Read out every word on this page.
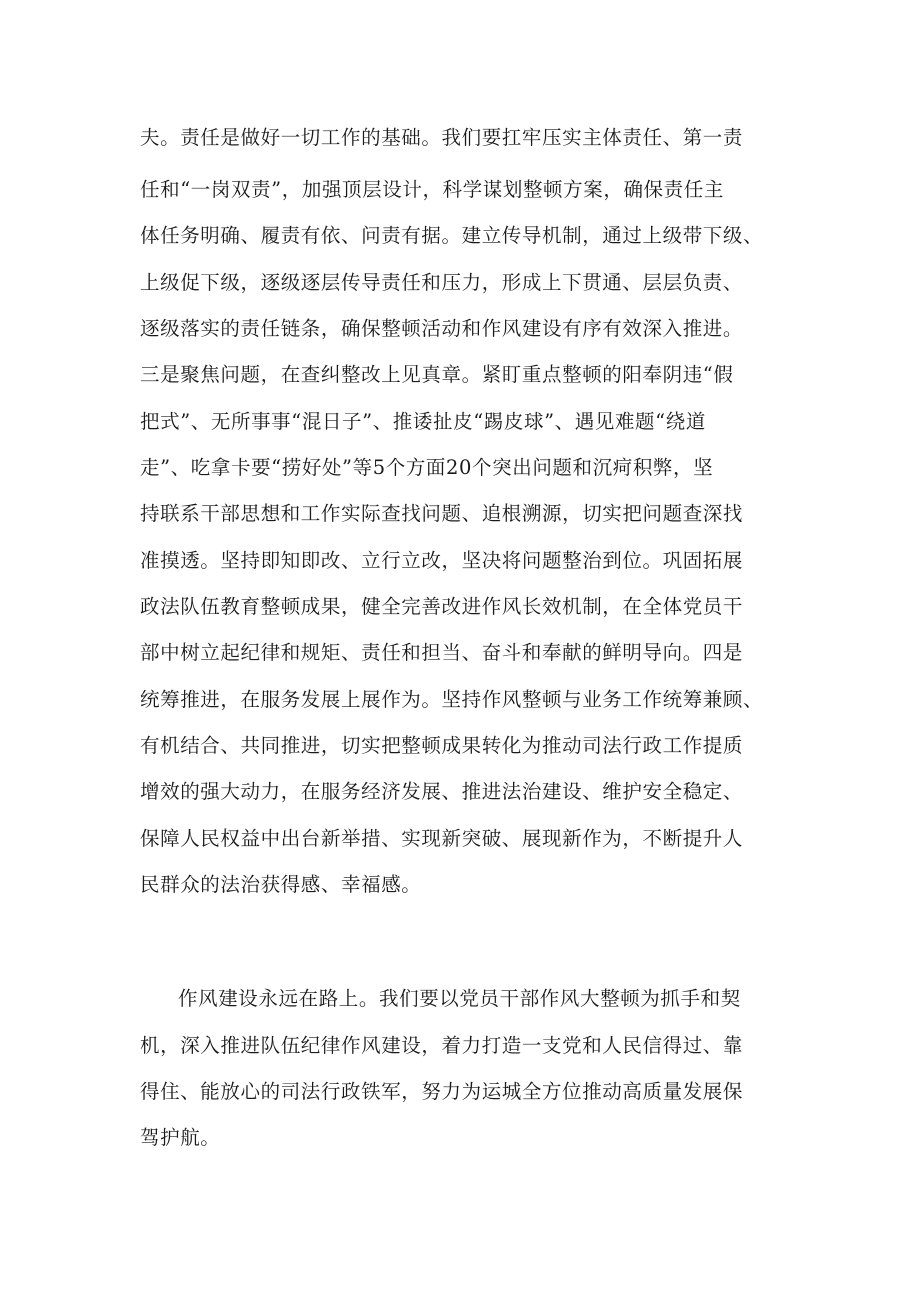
夫。责任是做好一切工作的基础。我们要扛牢压实主体责任、第一责
任和“一岗双责”，加强顶层设计，科学谋划整顿方案，确保责任主
体任务明确、履责有依、问责有据。建立传导机制，通过上级带下级、
上级促下级，逐级逐层传导责任和压力，形成上下贯通、层层负责、
逐级落实的责任链条，确保整顿活动和作风建设有序有效深入推进。
三是聚焦问题，在查纠整改上见真章。紧盯重点整顿的阳奉阴违“假
把式”、无所事事“混日子”、推诿扯皮“踢皮球”、遇见难题“绕道
走”、吃拿卡要“捞好处”等5个方面20个突出问题和沉疴积弊，坚
持联系干部思想和工作实际查找问题、追根溯源，切实把问题查深找
准摸透。坚持即知即改、立行立改，坚决将问题整治到位。巩固拓展
政法队伍教育整顿成果，健全完善改进作风长效机制，在全体党员干
部中树立起纪律和规矩、责任和担当、奋斗和奉献的鲜明导向。四是
统筹推进，在服务发展上展作为。坚持作风整顿与业务工作统筹兼顾、
有机结合、共同推进，切实把整顿成果转化为推动司法行政工作提质
增效的强大动力，在服务经济发展、推进法治建设、维护安全稳定、
保障人民权益中出台新举措、实现新突破、展现新作为，不断提升人
民群众的法治获得感、幸福感。
作风建设永远在路上。我们要以党员干部作风大整顿为抓手和契
机，深入推进队伍纪律作风建设，着力打造一支党和人民信得过、靠
得住、能放心的司法行政铁军，努力为运城全方位推动高质量发展保
驾护航。
